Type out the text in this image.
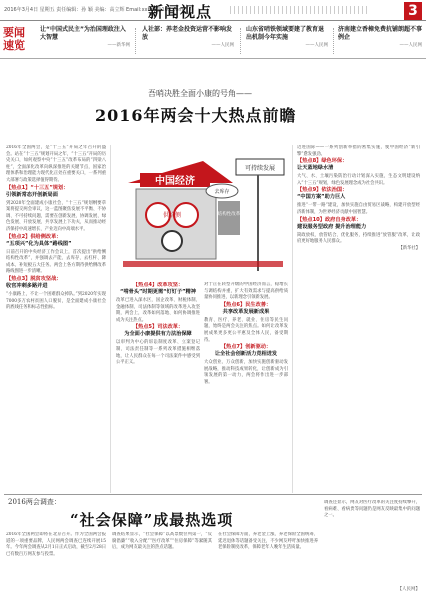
2016年3月4日 星期五 责任编辑：孙 颖 美编：高立辉 Email:xxbsh@163.com
新闻视点	3
要闻速览
让“中国式民主”为治国理政注入大智慧
——新华网
人社部：养老金投资运营不影响发放
——人民网
山东省哨铁领域要建了教育退出机制今年实施
——人民网
济南建立香樟免费抗铺朗超不事例企
——人民网
吾哨决胜全面小康的号角——
2016年两会十大热点前瞻
2016年全国两会，是“十三五”开局之年召开的盛会。站在“十三五”规划开局之年，“十三五”开局的历史关口，如何观察中央“十三五”改革布局的“四梁八柱”，全面深化改革向纵深推进的关键节点，国家治理体系和治理能力现代化正处在重要关口，一系列重大部署与政策选择值得期待。
【热点1】“十三五”规划：
引领新常态开创新局面
到2020年全面建成小康社会，“十三五”规划纲要草案将提交两会审议，这一蓝图聚焦发展不平衡、不协调、不可持续问题，需要在创新发展、协调发展、绿色发展、开放发展、共享发展上下功夫，从而推动经济保持中高速增长、产业迈向中高端水平。
【热点2】供给侧改革：
“五项兴”化为具体“路线图”
日前召开的中央经济工作会议上，首次提出“供给侧结构性改革”，并强调去产能、去库存、去杠杆、降成本、补短板五大任务。两会上各方期待供给侧改革路线图进一步清晰。
【热点3】脱贫攻坚战：
收官冲刺多路并进
“小康路上，不让一个困难群众掉队。”到2020年实现7000多万农村贫困人口脱贫，是全面建成小康社会的底线任务和标志性指标。
中国经济
可持续发展
供给侧	结构性改革
去库存
【热点4】改革攻坚：
“啃骨头”时期更需“钉钉子”精神
改革已进入深水区，国企改革、财税体制、金融体制、司法体制等领域的改革进入攻坚期，两会上，改革如何落地、如何协调推进成为关注热点。
【热点5】司法改革：
为全面小康提供有力法治保障
以审判为中心的诉讼制度改革、立案登记制、司法责任制等一系列改革措施相继落地，让人民群众在每一个司法案件中感受到公平正义。
对于正在转型升级的中国经济而言，稳增长与调结构并重，扩大有效需求与提高供给质量协同推进，以新理念引领新发展。
【热点6】民生改善：
共享改革发展新成果
教育、医疗、养老、就业、住房等民生问题，始终是两会关注的焦点。如何让改革发展成果更多更公平惠及全体人民，备受期待。
【热点7】创新驱动：
让全社会创新活力竞相迸发
大众创业、万众创新，加快实施创新驱动发展战略，推动科技成果转化，让创新成为引领发展的第一动力，两会将作出进一步部署。
迈进国际——一系列创新举措的密集实施，使中国经济“新引擎”愈发强劲。
【热点8】绿色环保：
让天蓝地绿水清
大气、水、土壤污染防治行动计划深入实施，生态文明建设纳入“十三五”规划，绿色发展理念成为社会共识。
【热点9】依法治国：
“中国方案”助力巨人
推进“一带一路”建设，加快实施自由贸易区战略，构建开放型经济新体制，为世界经济贡献中国智慧。
【热点10】政府自身改革：
建设服务型政府 提升治理能力
简政放权、放管结合、优化服务，持续推进“放管服”改革，让政府更好地服务人民群众。
【新华社】
2016两会调查：
“社会保障”成最热选项
2016年全国两会即将在北京召开。作为全国两会报道的一项重要品牌，人民网两会调查已连续开展15年。今年两会调查从2月1日正式启动，截至2月28日已有数百万网友参与投票。
调查结果显示，“社会保障”以高票数位列第一，“反腐倡廉”“收入分配”“医疗改革”“住房保障”等紧随其后，成为网友最关注的热点话题。
在社会保障方面，养老金上涨、养老保险全国统筹、延迟退休等话题备受关注，不少网友呼吁加快推进养老保险制度改革，保障老年人晚年生活质量。
调查还显示，网友对医疗改革的关注度持续攀升，看病难、看病贵等问题仍是网友反映最集中的问题之一。
【人民网】
